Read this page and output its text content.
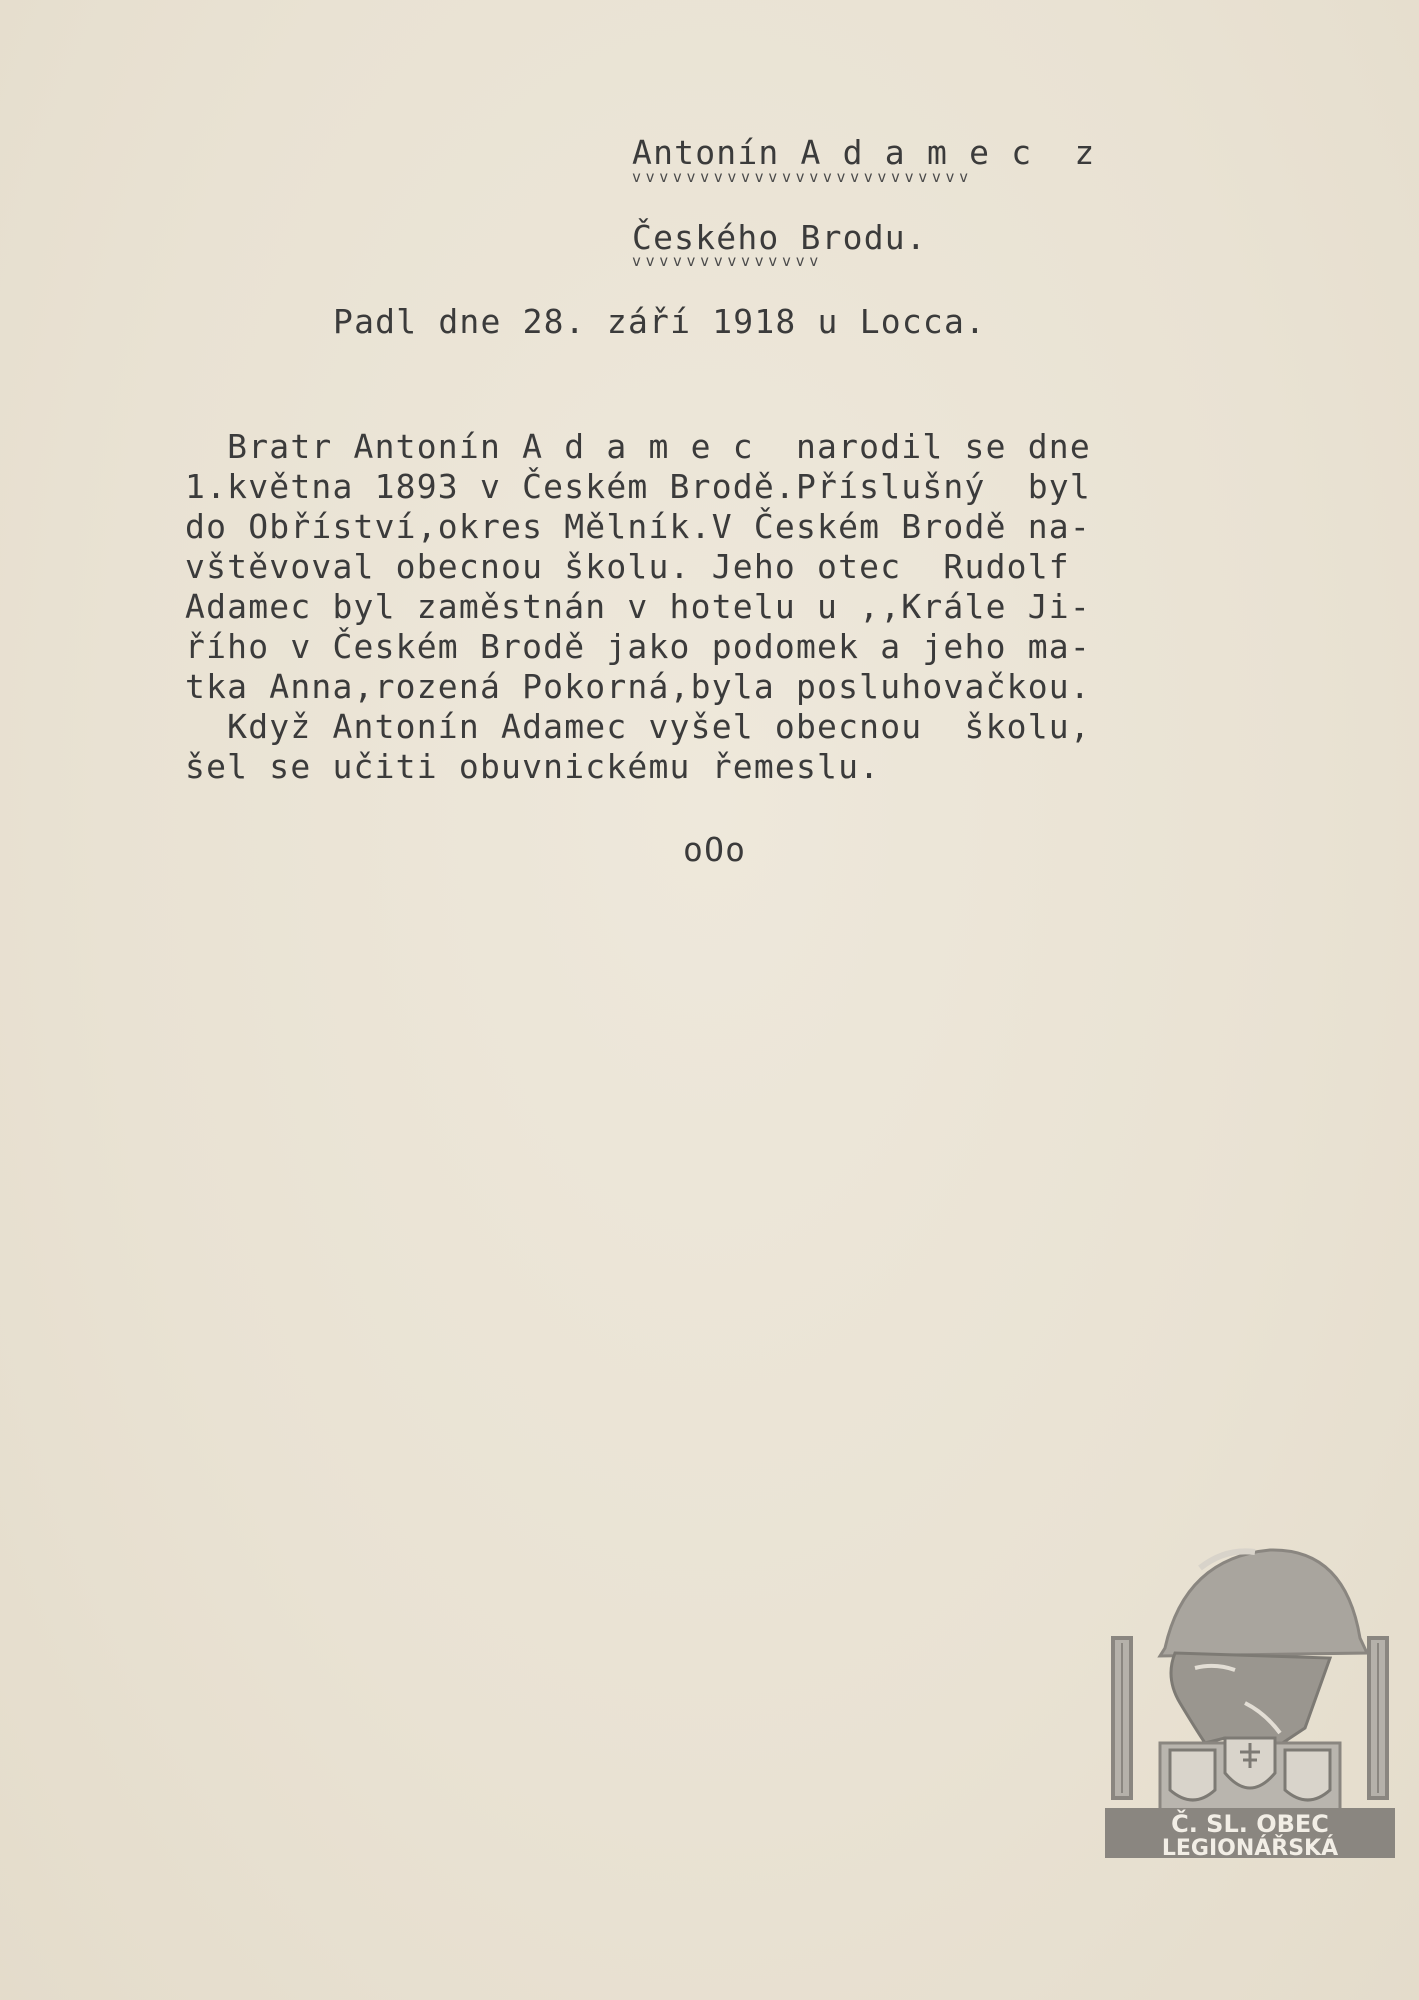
Antonín A d a m e c  z
vvvvvvvvvvvvvvvvvvvvvvvvv
Českého Brodu.
vvvvvvvvvvvvvv
Padl dne 28. září 1918 u Locca.
Bratr Antonín A d a m e c  narodil se dne
1.května 1893 v Českém Brodě.Příslušný  byl
do Obříství,okres Mělník.V Českém Brodě na-
vštěvoval obecnou školu. Jeho otec  Rudolf
Adamec byl zaměstnán v hotelu u ,,Krále Ji-
řího v Českém Brodě jako podomek a jeho ma-
tka Anna,rozená Pokorná,byla posluhovačkou.
Když Antonín Adamec vyšel obecnou  školu,
šel se učiti obuvnickému řemeslu.
oOo
Č. SL. OBEC
LEGIONÁŘSKÁ
